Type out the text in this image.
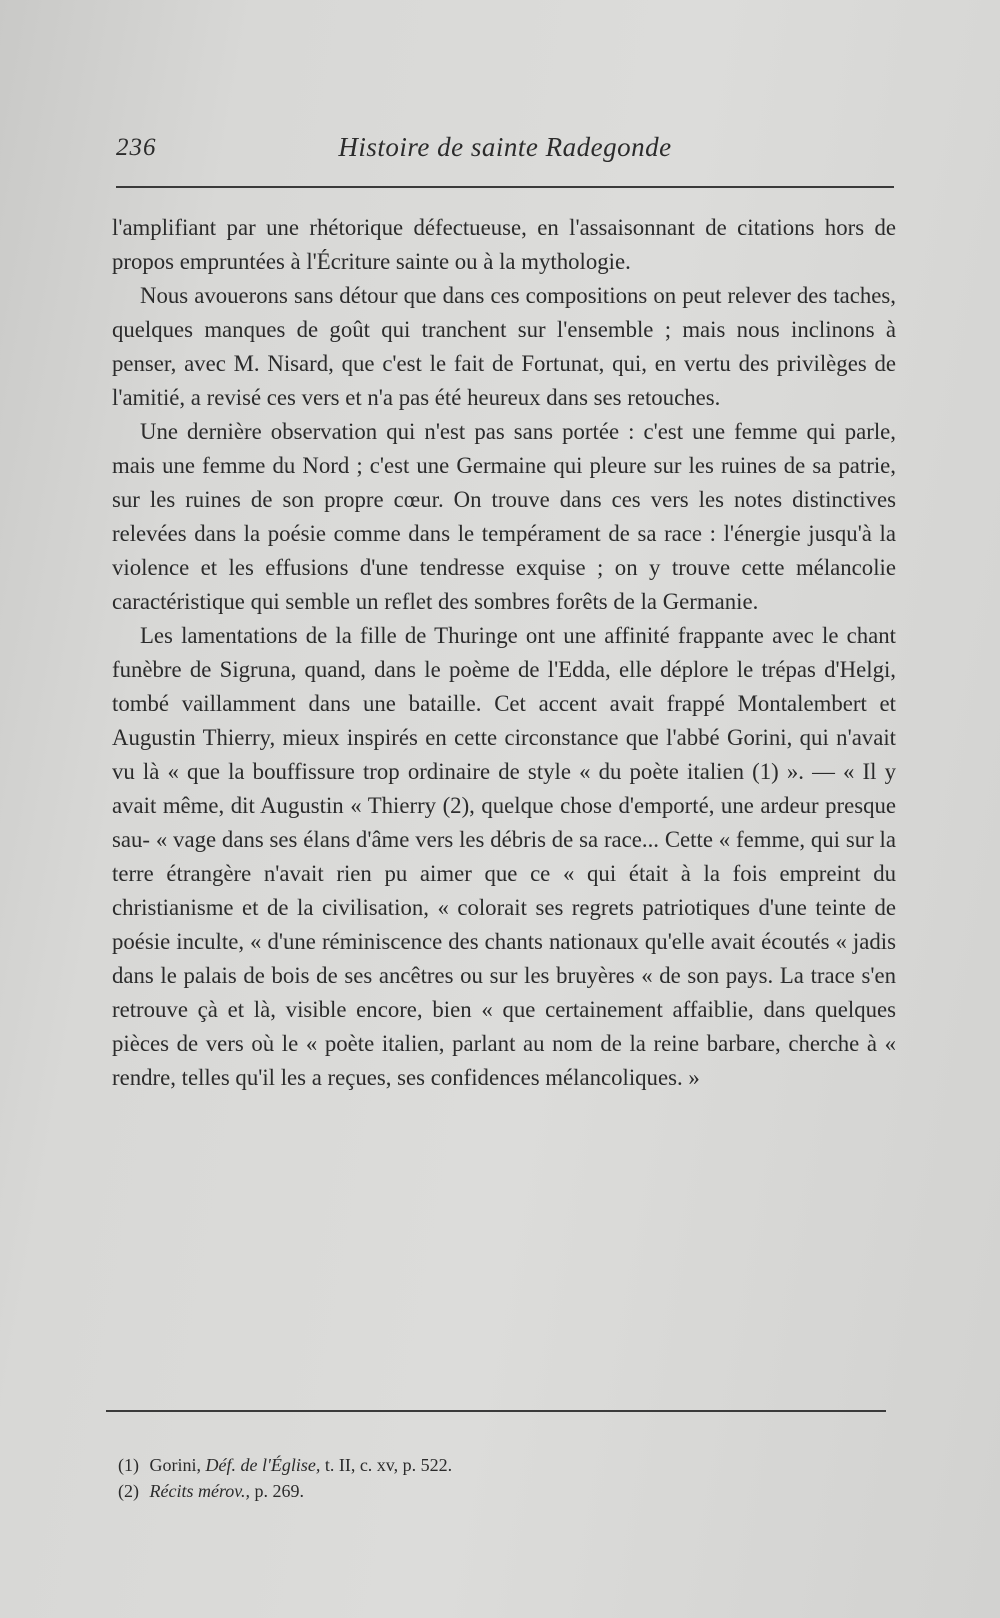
236	Histoire de sainte Radegonde

l'amplifiant par une rhétorique défectueuse, en l'assaisonnant de citations hors de propos empruntées à l'Écriture sainte ou à la mythologie.

Nous avouerons sans détour que dans ces compositions on peut relever des taches, quelques manques de goût qui tranchent sur l'ensemble ; mais nous inclinons à penser, avec M. Nisard, que c'est le fait de Fortunat, qui, en vertu des privilèges de l'amitié, a revisé ces vers et n'a pas été heureux dans ses retouches.

Une dernière observation qui n'est pas sans portée : c'est une femme qui parle, mais une femme du Nord ; c'est une Germaine qui pleure sur les ruines de sa patrie, sur les ruines de son propre cœur. On trouve dans ces vers les notes distinctives relevées dans la poésie comme dans le tempérament de sa race : l'énergie jusqu'à la violence et les effusions d'une tendresse exquise ; on y trouve cette mélancolie caractéristique qui semble un reflet des sombres forêts de la Germanie.

Les lamentations de la fille de Thuringe ont une affinité frappante avec le chant funèbre de Sigruna, quand, dans le poème de l'Edda, elle déplore le trépas d'Helgi, tombé vaillamment dans une bataille. Cet accent avait frappé Montalembert et Augustin Thierry, mieux inspirés en cette circonstance que l'abbé Gorini, qui n'avait vu là « que la bouffissure trop ordinaire de style « du poète italien (1) ». — « Il y avait même, dit Augustin « Thierry (2), quelque chose d'emporté, une ardeur presque sau- « vage dans ses élans d'âme vers les débris de sa race... Cette « femme, qui sur la terre étrangère n'avait rien pu aimer que ce « qui était à la fois empreint du christianisme et de la civilisation, « colorait ses regrets patriotiques d'une teinte de poésie inculte, « d'une réminiscence des chants nationaux qu'elle avait écoutés « jadis dans le palais de bois de ses ancêtres ou sur les bruyères « de son pays. La trace s'en retrouve çà et là, visible encore, bien « que certainement affaiblie, dans quelques pièces de vers où le « poète italien, parlant au nom de la reine barbare, cherche à « rendre, telles qu'il les a reçues, ses confidences mélancoliques. »

(1) Gorini, Déf. de l'Église, t. II, c. xv, p. 522.

(2) Récits mérov., p. 269.
